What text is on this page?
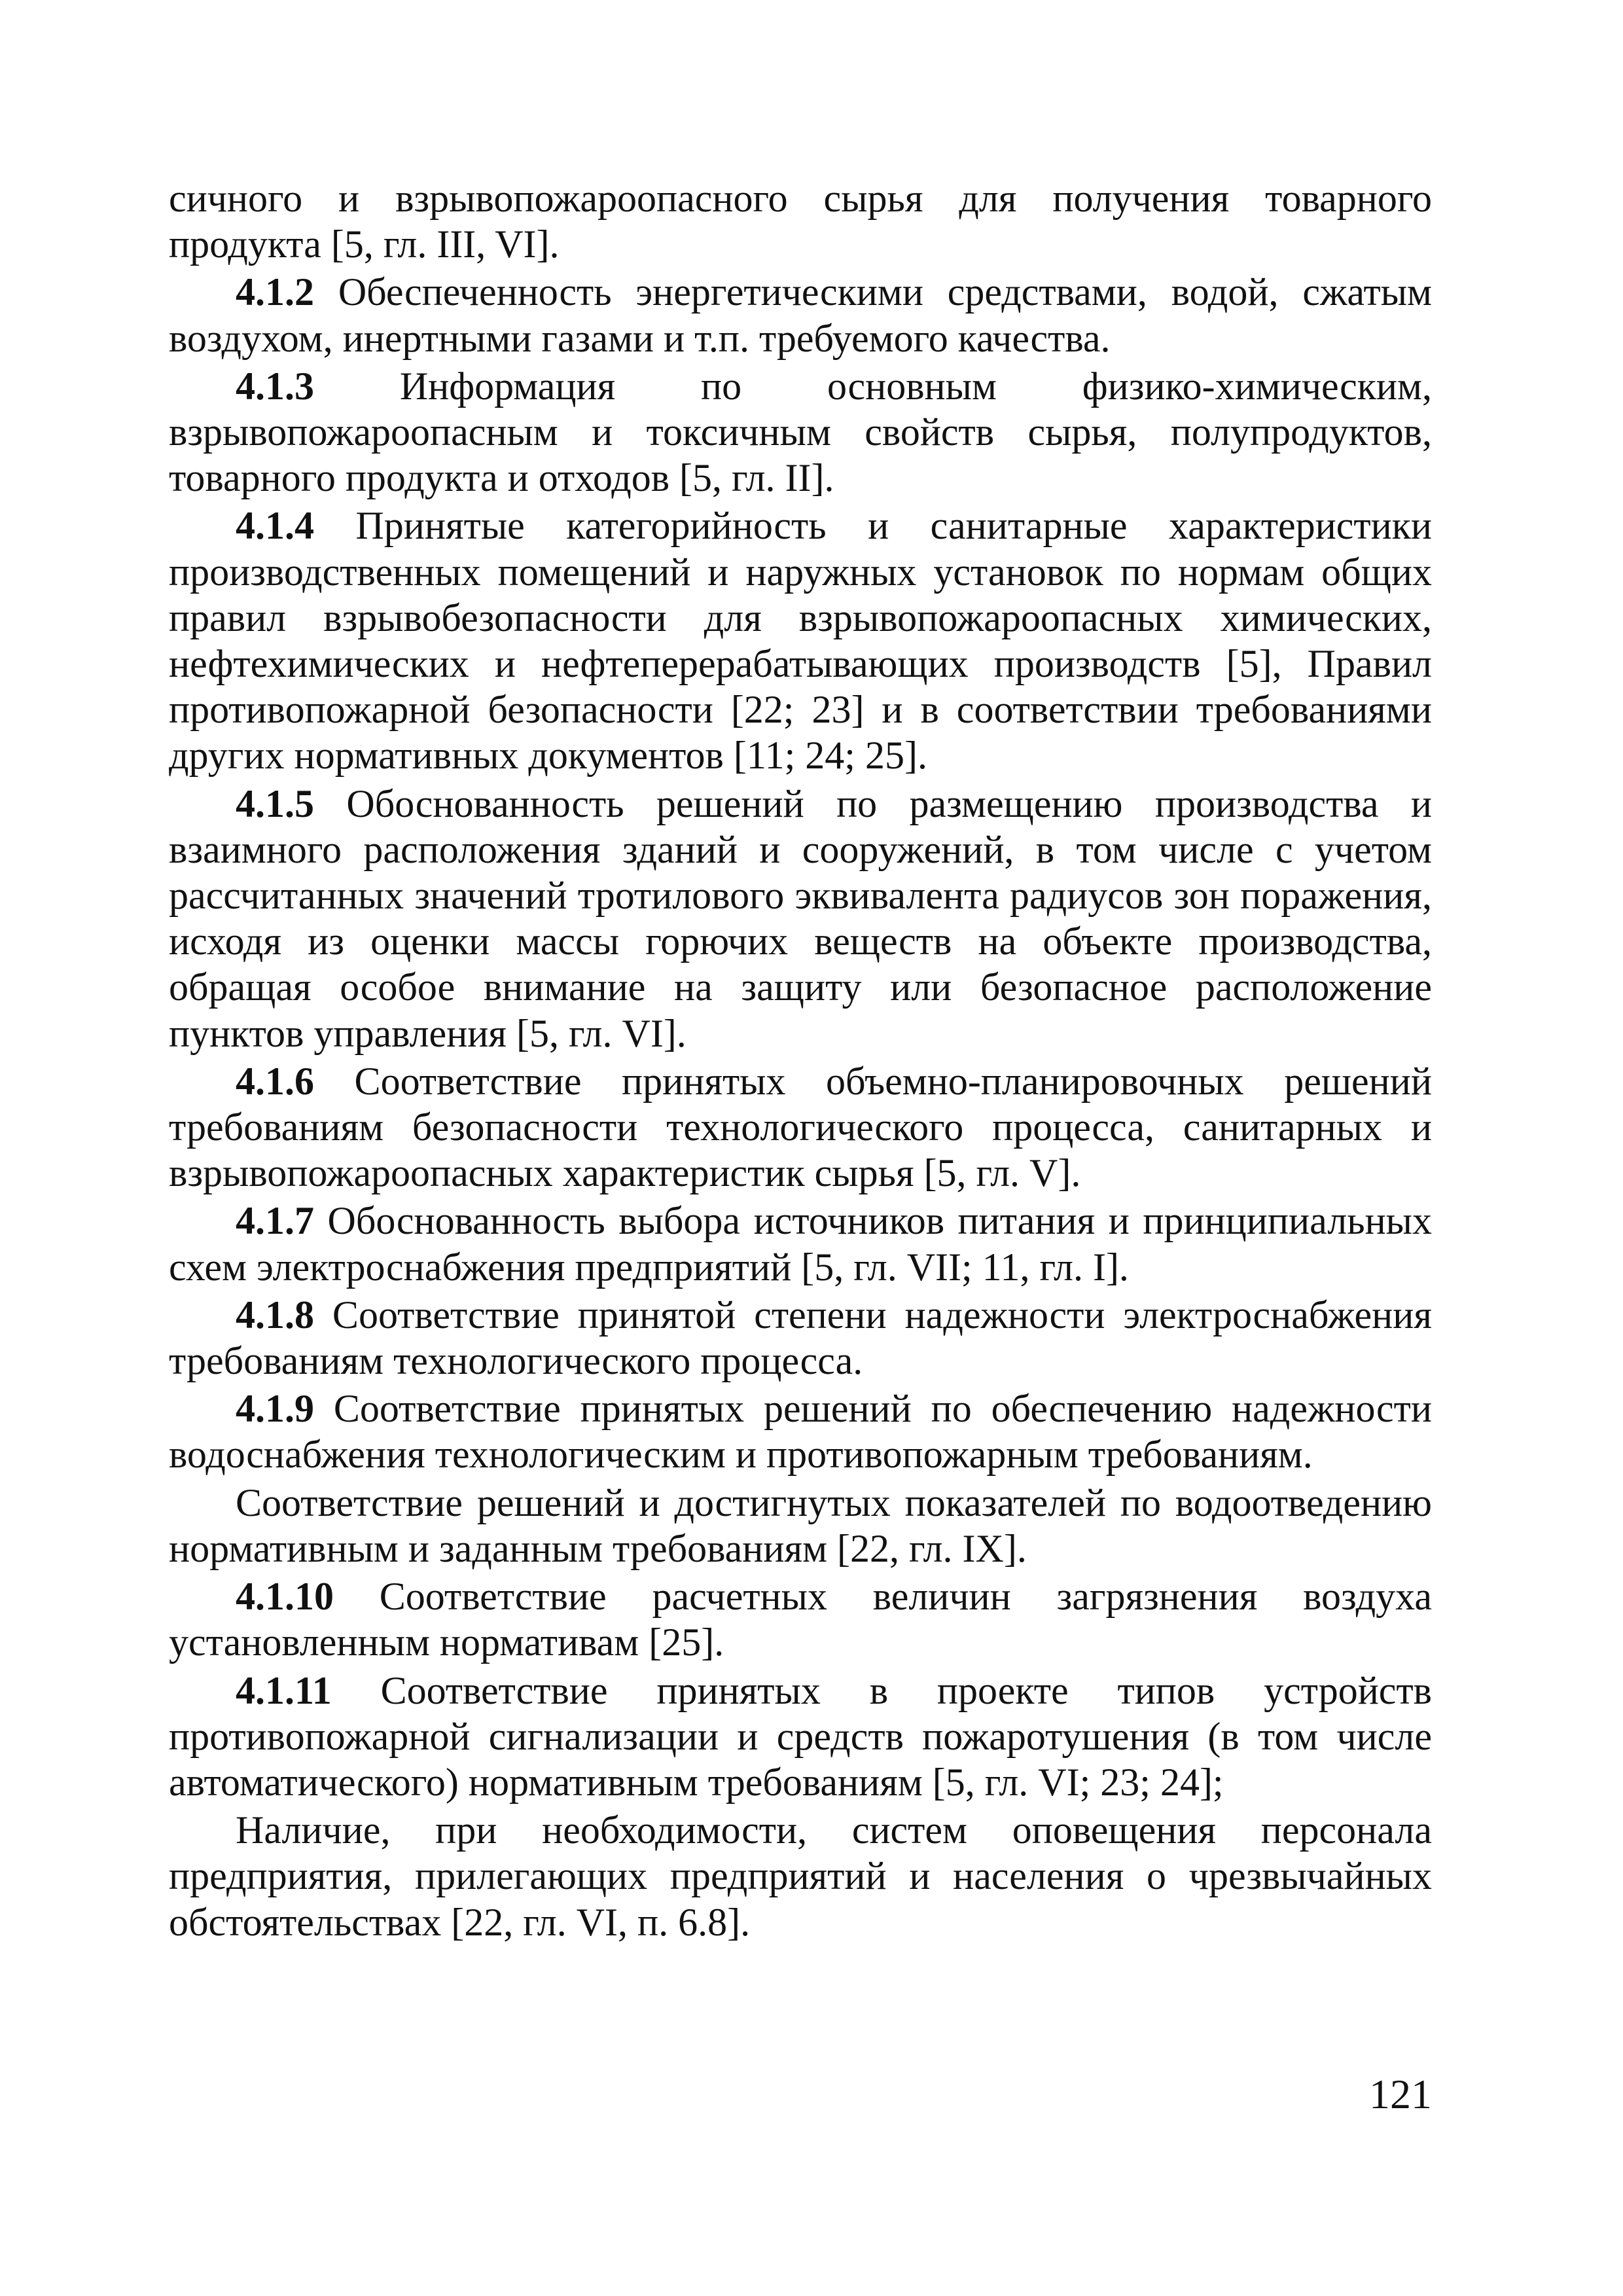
сичного и взрывопожароопасного сырья для получения товарного продукта [5, гл. III, VI].

4.1.2 Обеспеченность энергетическими средствами, водой, сжатым воздухом, инертными газами и т.п. требуемого качества.

4.1.3 Информация по основным физико-химическим, взрывопожароопасным и токсичным свойств сырья, полупродуктов, товарного продукта и отходов [5, гл. II].

4.1.4 Принятые категорийность и санитарные характеристики производственных помещений и наружных установок по нормам общих правил взрывобезопасности для взрывопожароопасных химических, нефтехимических и нефтеперерабатывающих производств [5], Правил противопожарной безопасности [22; 23] и в соответствии требованиями других нормативных документов [11; 24; 25].

4.1.5 Обоснованность решений по размещению производства и взаимного расположения зданий и сооружений, в том числе с учетом рассчитанных значений тротилового эквивалента радиусов зон поражения, исходя из оценки массы горючих веществ на объекте производства, обращая особое внимание на защиту или безопасное расположение пунктов управления [5, гл. VI].

4.1.6 Соответствие принятых объемно-планировочных решений требованиям безопасности технологического процесса, санитарных и взрывопожароопасных характеристик сырья [5, гл. V].

4.1.7 Обоснованность выбора источников питания и принципиальных схем электроснабжения предприятий [5, гл. VII; 11, гл. I].

4.1.8 Соответствие принятой степени надежности электроснабжения требованиям технологического процесса.

4.1.9 Соответствие принятых решений по обеспечению надежности водоснабжения технологическим и противопожарным требованиям.

Соответствие решений и достигнутых показателей по водоотведению нормативным и заданным требованиям [22, гл. IX].

4.1.10 Соответствие расчетных величин загрязнения воздуха установленным нормативам [25].

4.1.11 Соответствие принятых в проекте типов устройств противопожарной сигнализации и средств пожаротушения (в том числе автоматического) нормативным требованиям [5, гл. VI; 23; 24];

Наличие, при необходимости, систем оповещения персонала предприятия, прилегающих предприятий и населения о чрезвычайных обстоятельствах [22, гл. VI, п. 6.8].

121
